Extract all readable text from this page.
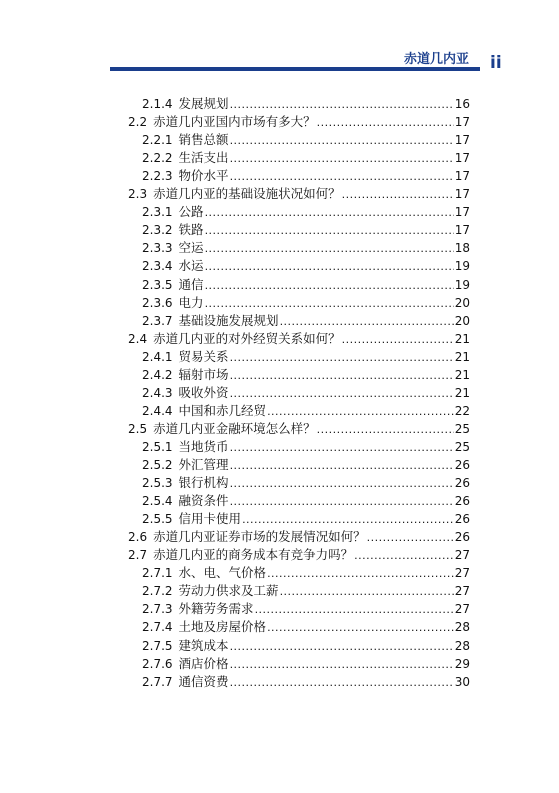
赤道几内亚 ii
2.1.4 发展规划 .....	16
2.2 赤道几内亚国内市场有多大？ .....	17
2.2.1 销售总额 .....	17
2.2.2 生活支出 .....	17
2.2.3 物价水平 .....	17
2.3 赤道几内亚的基础设施状况如何？ .....	17
2.3.1 公路 .....	17
2.3.2 铁路 .....	17
2.3.3 空运 .....	18
2.3.4 水运 .....	19
2.3.5 通信 .....	19
2.3.6 电力 .....	20
2.3.7 基础设施发展规划 .....	20
2.4 赤道几内亚的对外经贸关系如何？ .....	21
2.4.1 贸易关系 .....	21
2.4.2 辐射市场 .....	21
2.4.3 吸收外资 .....	21
2.4.4 中国和赤几经贸 .....	22
2.5 赤道几内亚金融环境怎么样？ .....	25
2.5.1 当地货币 .....	25
2.5.2 外汇管理 .....	26
2.5.3 银行机构 .....	26
2.5.4 融资条件 .....	26
2.5.5 信用卡使用 .....	26
2.6 赤道几内亚证券市场的发展情况如何？ .....	26
2.7 赤道几内亚的商务成本有竞争力吗？ .....	27
2.7.1 水、电、气价格 .....	27
2.7.2 劳动力供求及工薪 .....	27
2.7.3 外籍劳务需求 .....	27
2.7.4 土地及房屋价格 .....	28
2.7.5 建筑成本 .....	28
2.7.6 酒店价格 .....	29
2.7.7 通信资费 .....	30
